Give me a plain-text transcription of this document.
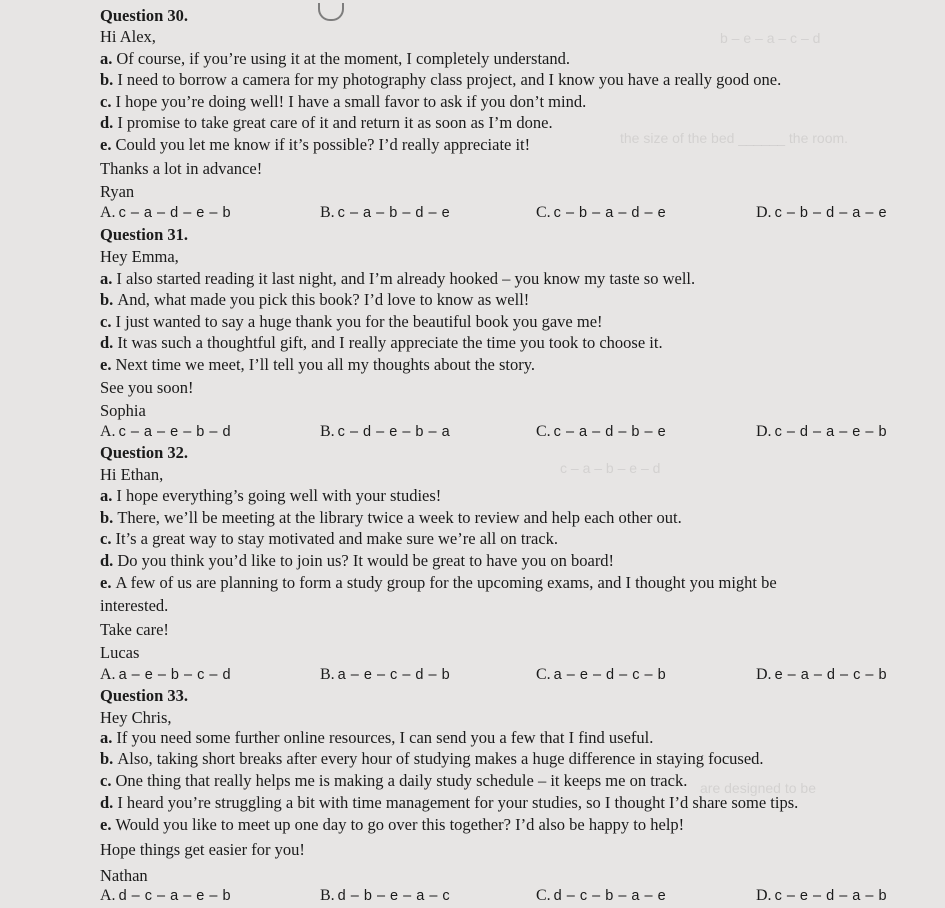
b – e – a – c – d
the size of the bed ______ the room.
c – a – b – e – d
are designed to be
Question 30.
Hi Alex,
a. Of course, if you’re using it at the moment, I completely understand.
b. I need to borrow a camera for my photography class project, and I know you have a really good one.
c. I hope you’re doing well! I have a small favor to ask if you don’t mind.
d. I promise to take great care of it and return it as soon as I’m done.
e. Could you let me know if it’s possible? I’d really appreciate it!
Thanks a lot in advance!
Ryan
A. c – a – d – e – b	B. c – a – b – d – e	C. c – b – a – d – e	D. c – b – d – a – e
Question 31.
Hey Emma,
a. I also started reading it last night, and I’m already hooked – you know my taste so well.
b. And, what made you pick this book? I’d love to know as well!
c. I just wanted to say a huge thank you for the beautiful book you gave me!
d. It was such a thoughtful gift, and I really appreciate the time you took to choose it.
e. Next time we meet, I’ll tell you all my thoughts about the story.
See you soon!
Sophia
A. c – a – e – b – d	B. c – d – e – b – a	C. c – a – d – b – e	D. c – d – a – e – b
Question 32.
Hi Ethan,
a. I hope everything’s going well with your studies!
b. There, we’ll be meeting at the library twice a week to review and help each other out.
c. It’s a great way to stay motivated and make sure we’re all on track.
d. Do you think you’d like to join us? It would be great to have you on board!
e. A few of us are planning to form a study group for the upcoming exams, and I thought you might be
interested.
Take care!
Lucas
A. a – e – b – c – d	B. a – e – c – d – b	C. a – e – d – c – b	D. e – a – d – c – b
Question 33.
Hey Chris,
a. If you need some further online resources, I can send you a few that I find useful.
b. Also, taking short breaks after every hour of studying makes a huge difference in staying focused.
c. One thing that really helps me is making a daily study schedule – it keeps me on track.
d. I heard you’re struggling a bit with time management for your studies, so I thought I’d share some tips.
e. Would you like to meet up one day to go over this together? I’d also be happy to help!
Hope things get easier for you!
Nathan
A. d – c – a – e – b	B. d – b – e – a – c	C. d – c – b – a – e	D. c – e – d – a – b
